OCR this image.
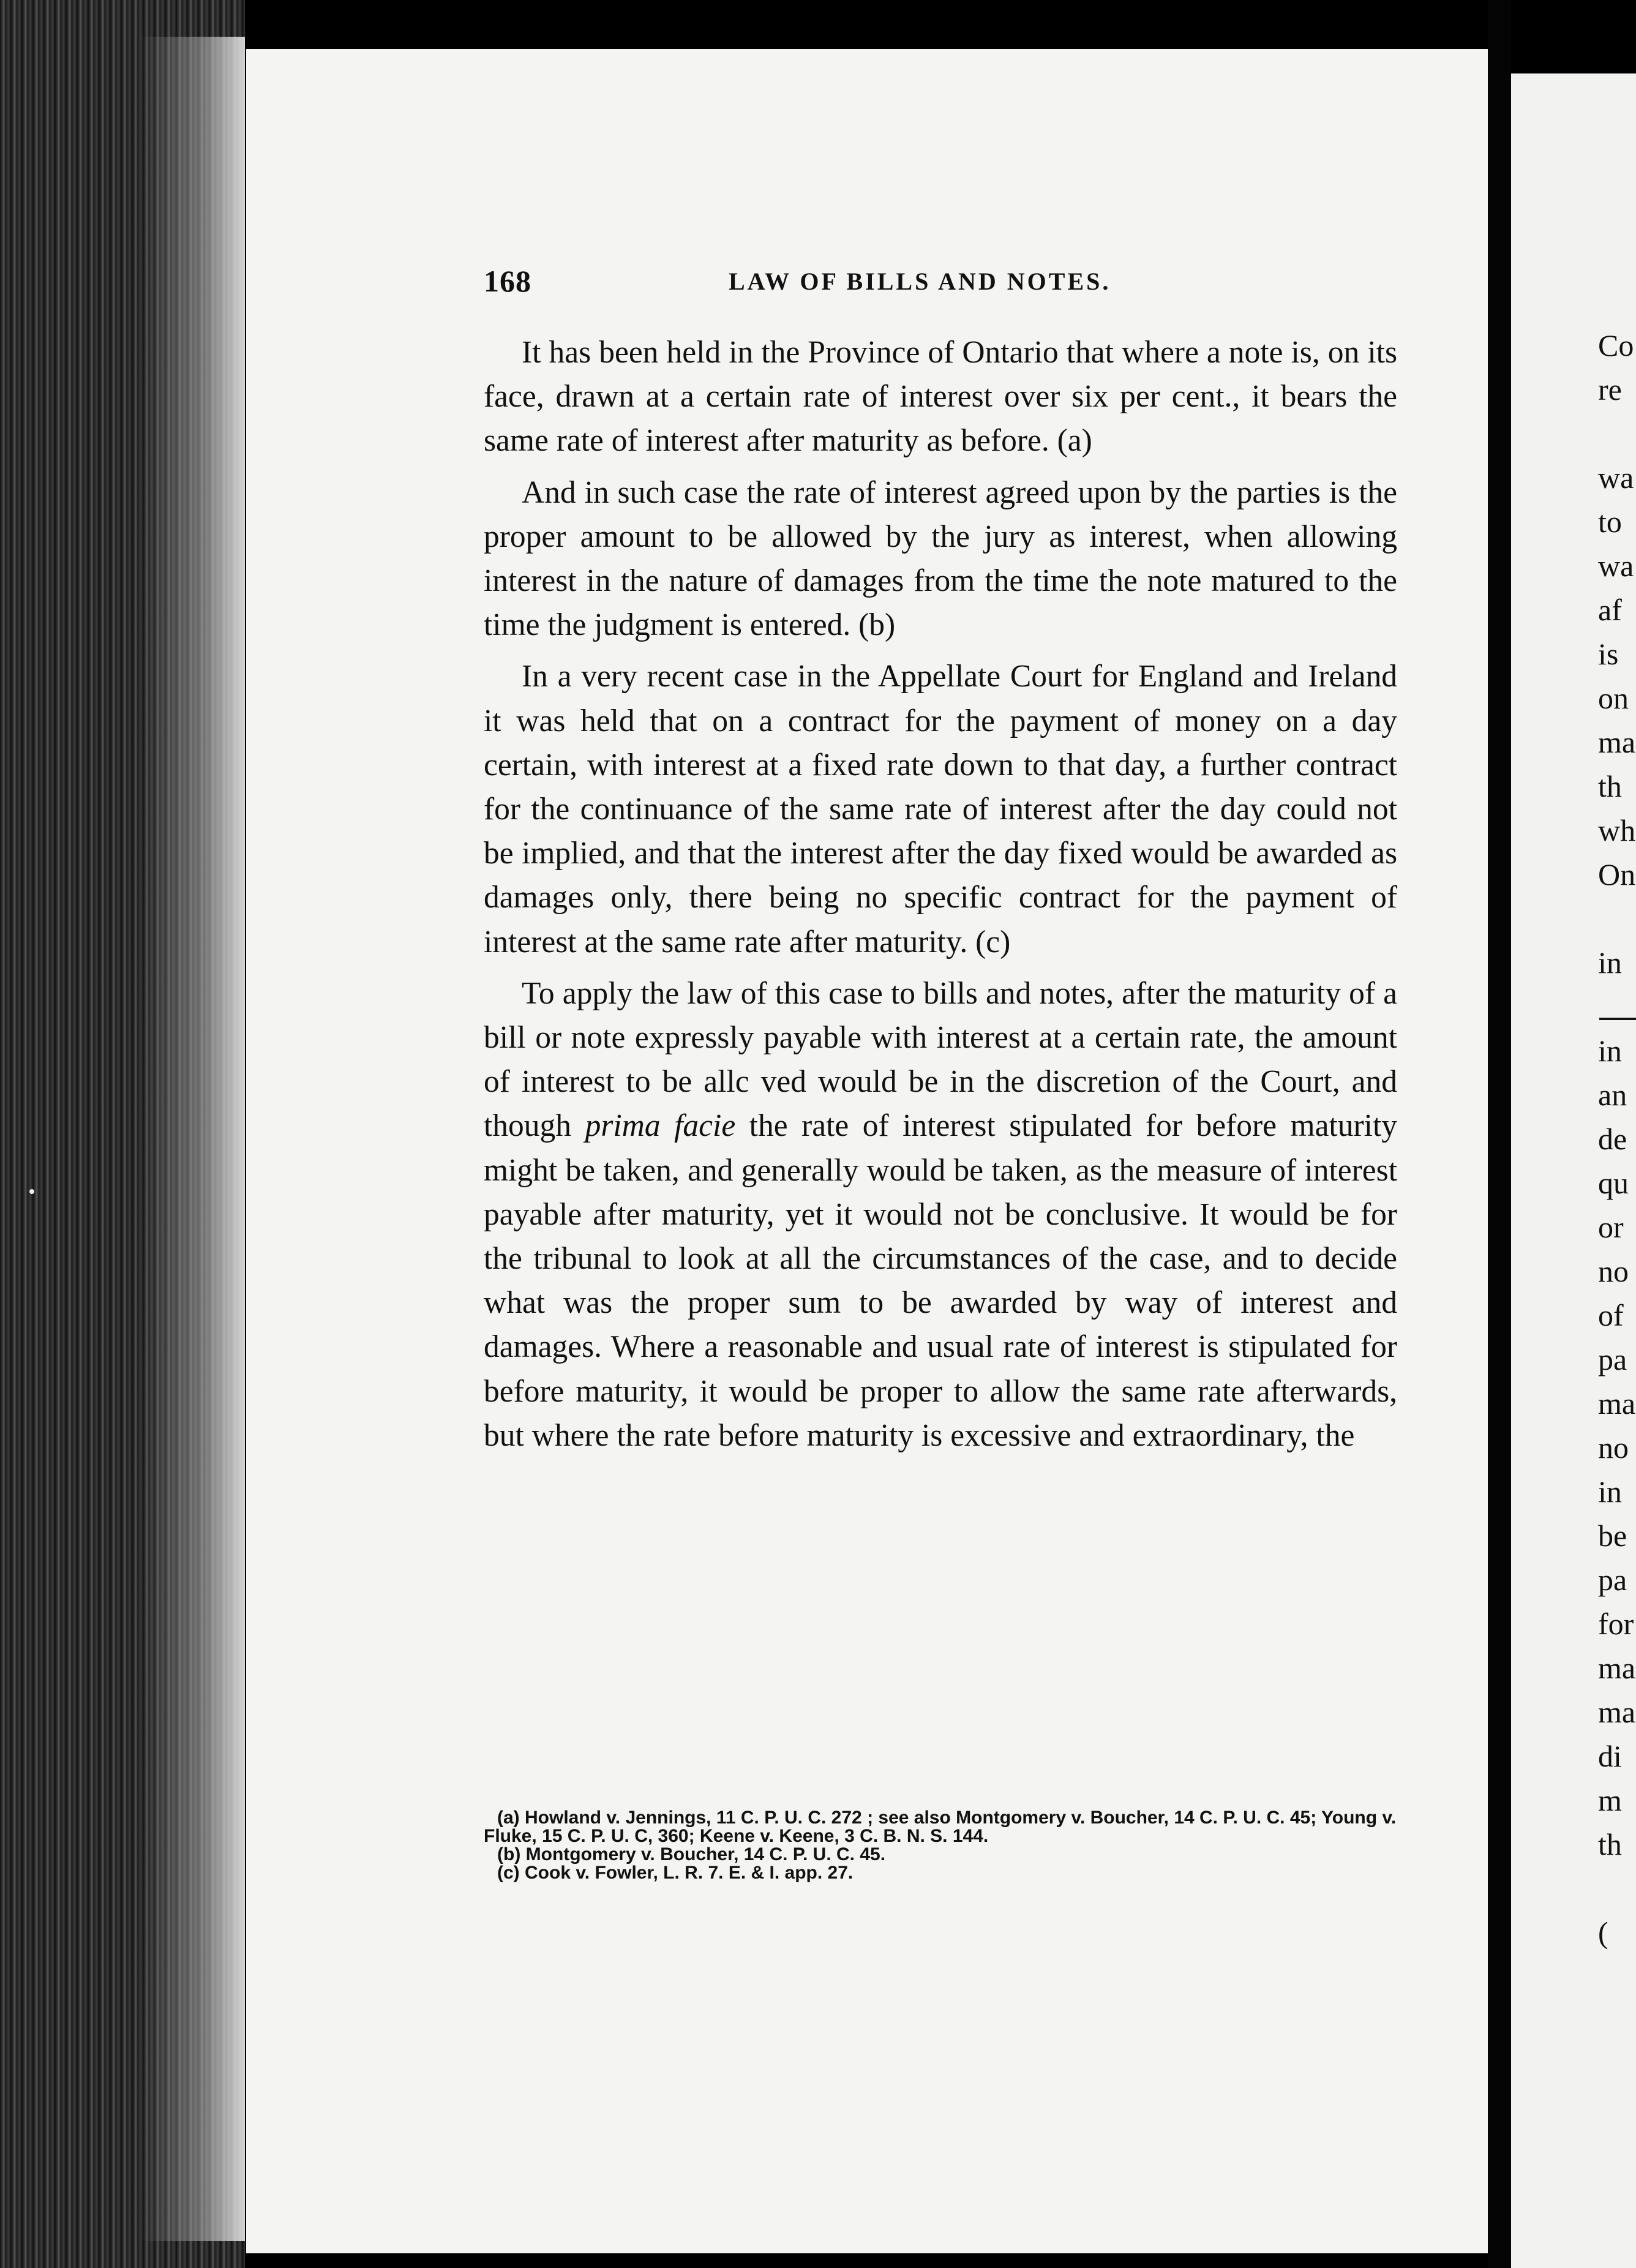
168	LAW OF BILLS AND NOTES.

It has been held in the Province of Ontario that where a note is, on its face, drawn at a certain rate of interest over six per cent., it bears the same rate of interest after maturity as before. (a)

And in such case the rate of interest agreed upon by the parties is the proper amount to be allowed by the jury as interest, when allowing interest in the nature of damages from the time the note matured to the time the judgment is entered. (b)

In a very recent case in the Appellate Court for England and Ireland it was held that on a contract for the payment of money on a day certain, with interest at a fixed rate down to that day, a further contract for the continuance of the same rate of interest after the day could not be implied, and that the interest after the day fixed would be awarded as damages only, there being no specific contract for the payment of interest at the same rate after maturity. (c)

To apply the law of this case to bills and notes, after the maturity of a bill or note expressly payable with interest at a certain rate, the amount of interest to be allc ved would be in the discretion of the Court, and though prima facie the rate of interest stipulated for before maturity might be taken, and generally would be taken, as the measure of interest payable after maturity, yet it would not be conclusive. It would be for the tribunal to look at all the circumstances of the case, and to decide what was the proper sum to be awarded by way of interest and damages. Where a reasonable and usual rate of interest is stipulated for before maturity, it would be proper to allow the same rate afterwards, but where the rate before maturity is excessive and extraordinary, the

(a) Howland v. Jennings, 11 C. P. U. C. 272 ; see also Montgomery v. Boucher, 14 C. P. U. C. 45; Young v. Fluke, 15 C. P. U. C, 360; Keene v. Keene, 3 C. B. N. S. 144.
(b) Montgomery v. Boucher, 14 C. P. U. C. 45.
(c) Cook v. Fowler, L. R. 7. E. & I. app. 27.
Co
re
wa
to
wa
af
is
on
ma
th
wh
On
in
in
an
de
qu
or
no
of
pa
ma
no
in
be
pa
for
ma
ma
di
m
th
(
